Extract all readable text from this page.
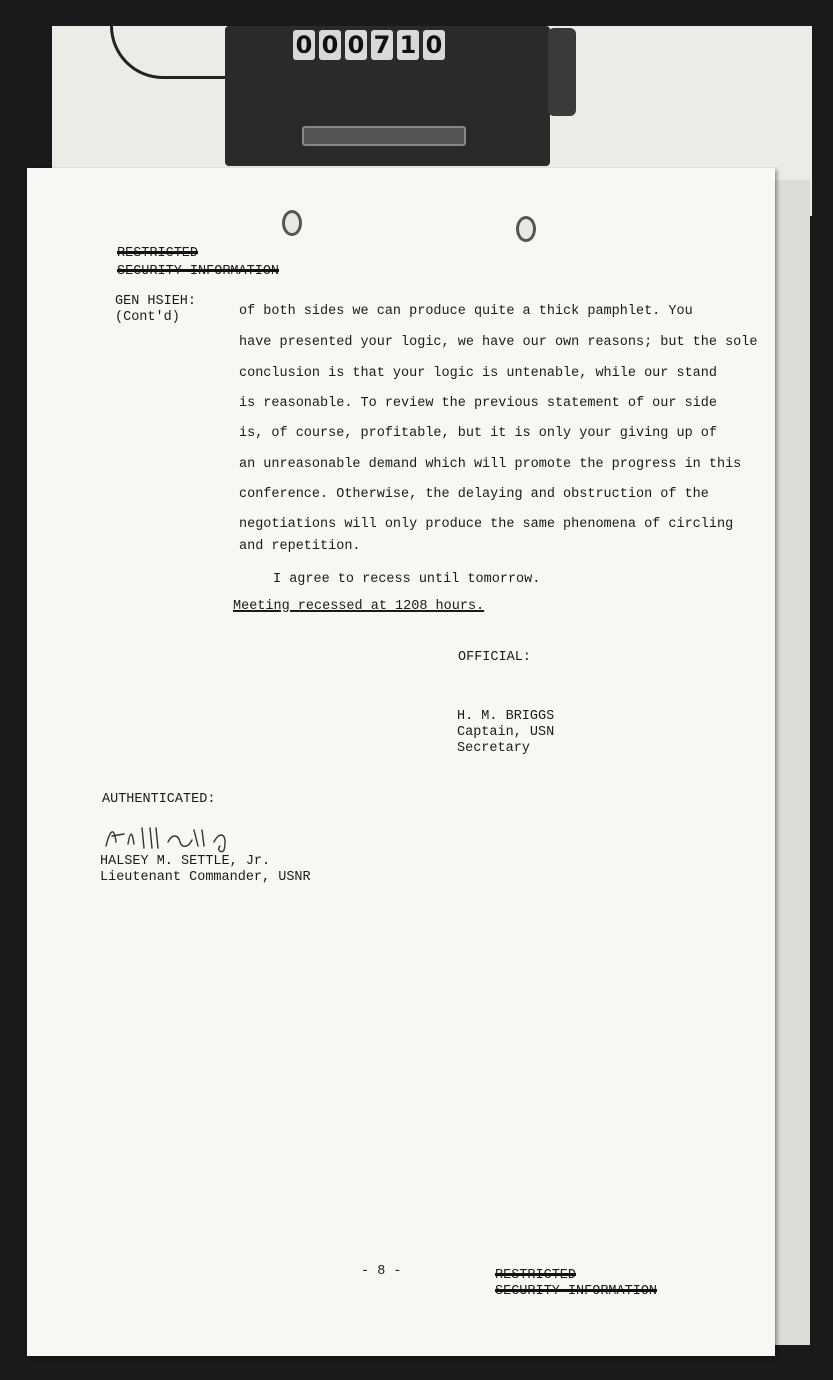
0 0 0 7 1 0
RESTRICTED
SECURITY INFORMATION
GEN HSIEH:
(Cont'd)	of both sides we can produce quite a thick pamphlet. You
have presented your logic, we have our own reasons; but the sole
conclusion is that your logic is untenable, while our stand
is reasonable. To review the previous statement of our side
is, of course, profitable, but it is only your giving up of
an unreasonable demand which will promote the progress in this
conference. Otherwise, the delaying and obstruction of the
negotiations will only produce the same phenomena of circling
and repetition.
I agree to recess until tomorrow.
Meeting recessed at 1208 hours.
OFFICIAL:
H. M. BRIGGS
Captain, USN
Secretary
AUTHENTICATED:
HALSEY M. SETTLE, Jr.
Lieutenant Commander, USNR
- 8 -	RESTRICTED
SECURITY INFORMATION
